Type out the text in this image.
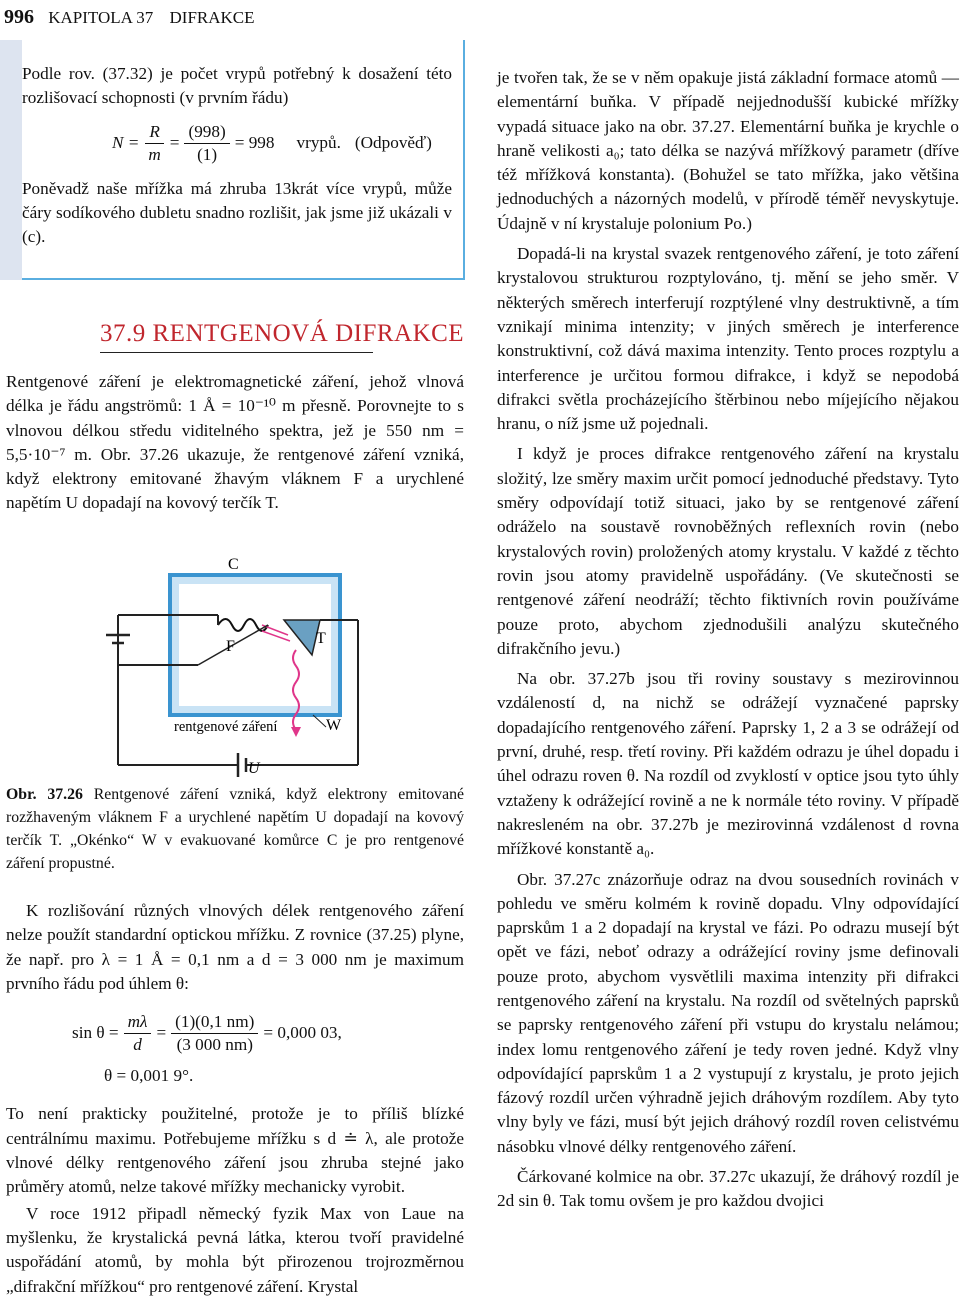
996 KAPITOLA 37 DIFRAKCE

Podle rov. (37.32) je počet vrypů potřebný k dosažení této rozlišovací schopnosti (v prvním řádu)

$N = \frac{R}{m} = \frac{(998)}{(1)} = 998$ vrypů. (Odpověď)

Poněvadž naše mřížka má zhruba 13krát více vrypů, může čáry sodíkového dubletu snadno rozlišit, jak jsme již ukázali v (c).

37.9 RENTGENOVÁ DIFRAKCE

Rentgenové záření je elektromagnetické záření, jehož vlnová délka je řádu angströmů: 1 Å = 10⁻¹⁰ m přesně. Porovnejte to s vlnovou délkou středu viditelného spektra, jež je 550 nm = 5,5·10⁻⁷ m. Obr. 37.26 ukazuje, že rentgenové záření vzniká, když elektrony emitované žhavým vláknem F a urychlené napětím U dopadají na kovový terčík T.

C
F	T
W
U
rentgenové záření

Obr. 37.26 Rentgenové záření vzniká, když elektrony emitované rozžhaveným vláknem F a urychlené napětím U dopadají na kovový terčík T. „Okénko“ W v evakuované komůrce C je pro rentgenové záření propustné.

K rozlišování různých vlnových délek rentgenového záření nelze použít standardní optickou mřížku. Z rovnice (37.25) plyne, že např. pro λ = 1 Å = 0,1 nm a d = 3 000 nm je maximum prvního řádu pod úhlem θ:

$\sin \theta = \frac{m\lambda}{d} = \frac{(1)(0,1 nm)}{(3 000 nm)} = 0,000$ 03,
θ = 0,001 9°.

To není prakticky použitelné, protože je to příliš blízké centrálnímu maximu. Potřebujeme mřížku s d ≐ λ, ale protože vlnové délky rentgenového záření jsou zhruba stejné jako průměry atomů, nelze takové mřížky mechanicky vyrobit.

V roce 1912 připadl německý fyzik Max von Laue na myšlenku, že krystalická pevná látka, kterou tvoří pravidelné uspořádání atomů, by mohla být přirozenou trojrozměrnou „difrakční mřížkou“ pro rentgenové záření. Krystal

je tvořen tak, že se v něm opakuje jistá základní formace atomů — elementární buňka. V případě nejjednodušší kubické mřížky vypadá situace jako na obr. 37.27. Elementární buňka je krychle o hraně velikosti a₀; tato délka se nazývá mřížkový parametr (dříve též mřížková konstanta). (Bohužel se tato mřížka, jako většina jednoduchých a názorných modelů, v přírodě téměř nevyskytuje. Údajně v ní krystaluje polonium Po.)

Dopadá-li na krystal svazek rentgenového záření, je toto záření krystalovou strukturou rozptylováno, tj. mění se jeho směr. V některých směrech interferují rozptýlené vlny destruktivně, a tím vznikají minima intenzity; v jiných směrech je interference konstruktivní, což dává maxima intenzity. Tento proces rozptylu a interference je určitou formou difrakce, i když se nepodobá difrakci světla procházejícího štěrbinou nebo míjejícího nějakou hranu, o níž jsme už pojednali.

I když je proces difrakce rentgenového záření na krystalu složitý, lze směry maxim určit pomocí jednoduché představy. Tyto směry odpovídají totiž situaci, jako by se rentgenové záření odráželo na soustavě rovnoběžných reflexních rovin (nebo krystalových rovin) proložených atomy krystalu. V každé z těchto rovin jsou atomy pravidelně uspořádány. (Ve skutečnosti se rentgenové záření neodráží; těchto fiktivních rovin používáme pouze proto, abychom zjednodušili analýzu skutečného difrakčního jevu.)

Na obr. 37.27b jsou tři roviny soustavy s mezirovinnou vzdáleností d, na nichž se odrážejí vyznačené paprsky dopadajícího rentgenového záření. Paprsky 1, 2 a 3 se odrážejí od první, druhé, resp. třetí roviny. Při každém odrazu je úhel dopadu i úhel odrazu roven θ. Na rozdíl od zvyklostí v optice jsou tyto úhly vztaženy k odrážející rovině a ne k normále této roviny. V případě nakresleném na obr. 37.27b je mezirovinná vzdálenost d rovna mřížkové konstantě a₀.

Obr. 37.27c znázorňuje odraz na dvou sousedních rovinách v pohledu ve směru kolmém k rovině dopadu. Vlny odpovídající paprskům 1 a 2 dopadají na krystal ve fázi. Po odrazu musejí být opět ve fázi, neboť odrazy a odrážející roviny jsme definovali pouze proto, abychom vysvětlili maxima intenzity při difrakci rentgenového záření na krystalu. Na rozdíl od světelných paprsků se paprsky rentgenového záření při vstupu do krystalu nelámou; index lomu rentgenového záření je tedy roven jedné. Když vlny odpovídající paprskům 1 a 2 vystupují z krystalu, je proto jejich fázový rozdíl určen výhradně jejich dráhovým rozdílem. Aby tyto vlny byly ve fázi, musí být jejich dráhový rozdíl roven celistvému násobku vlnové délky rentgenového záření.

Čárkované kolmice na obr. 37.27c ukazují, že dráhový rozdíl je 2d sin θ. Tak tomu ovšem je pro každou dvojici
